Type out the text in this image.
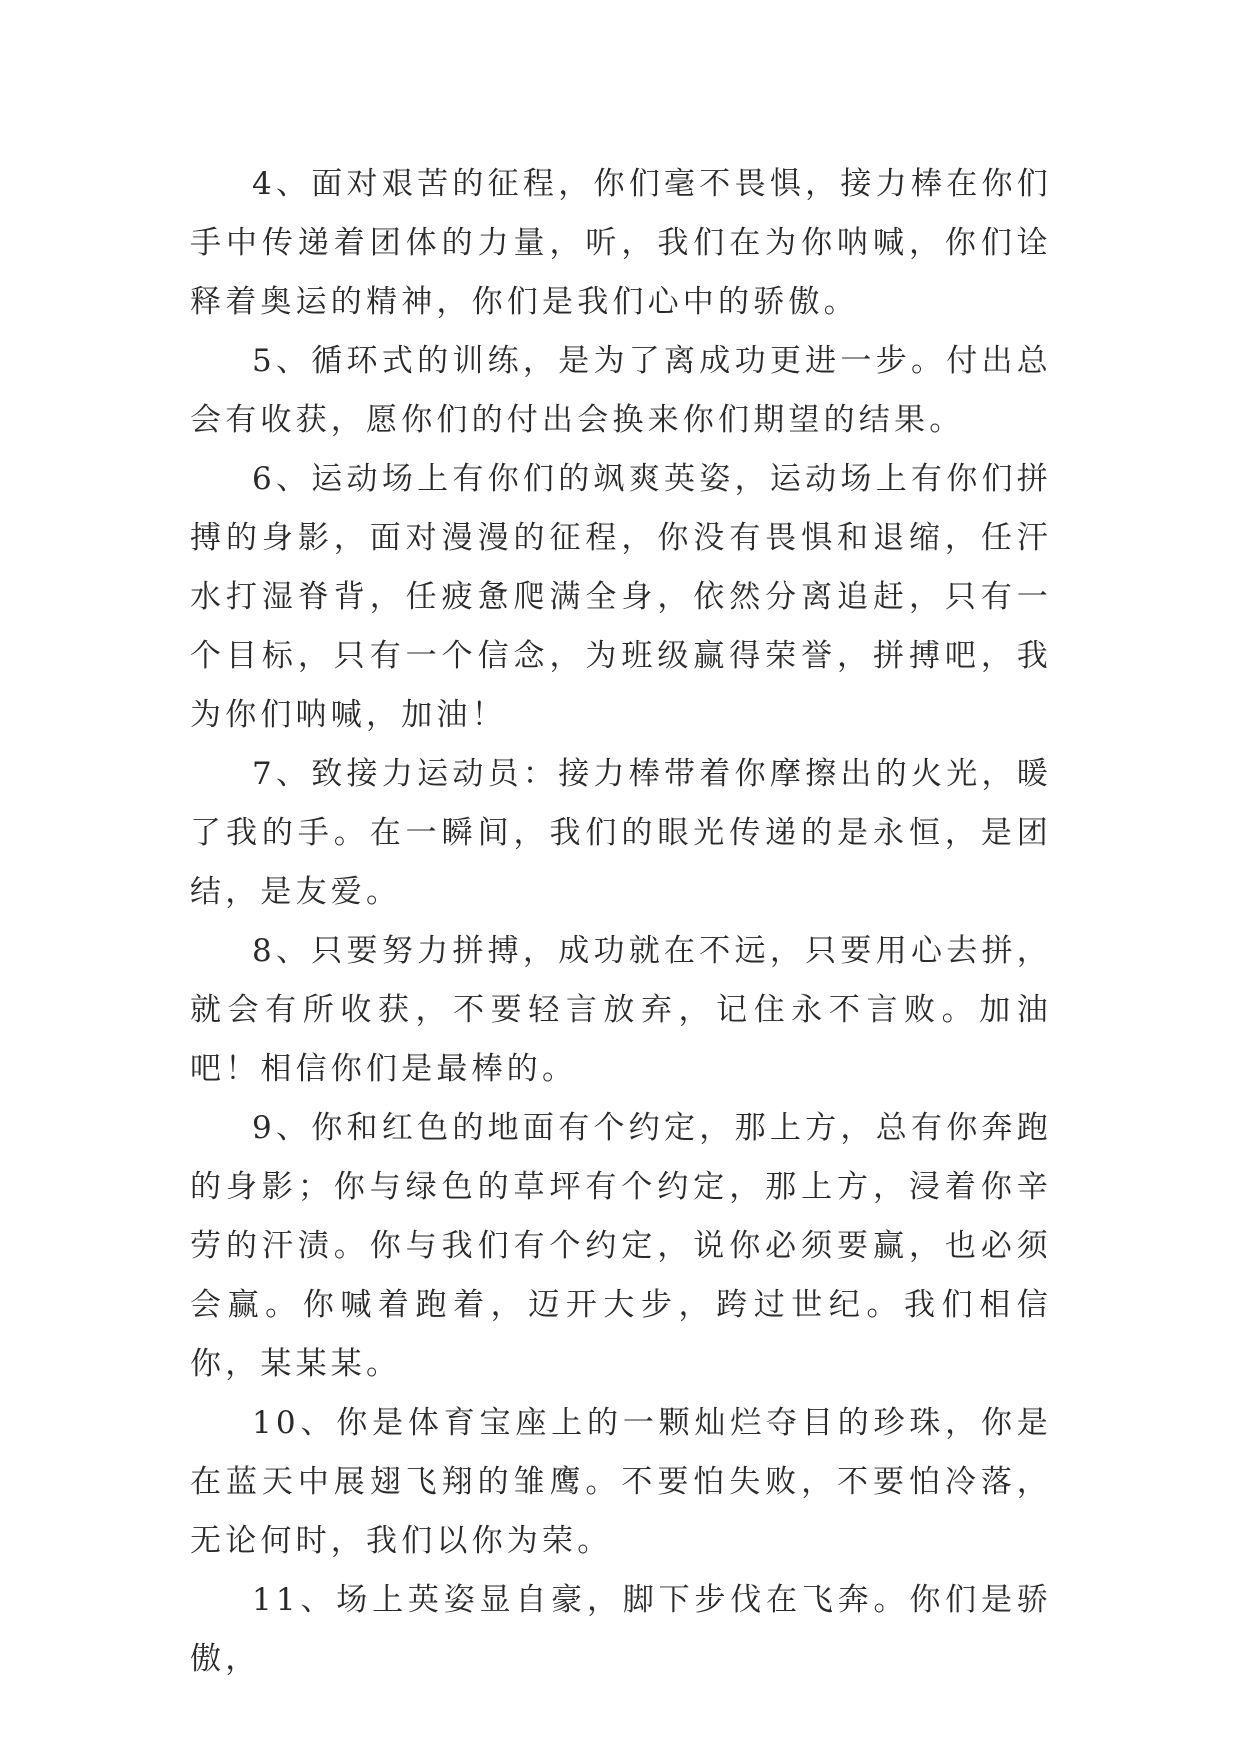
4、面对艰苦的征程，你们毫不畏惧，接力棒在你们手中传递着团体的力量，听，我们在为你呐喊，你们诠释着奥运的精神，你们是我们心中的骄傲。

5、循环式的训练，是为了离成功更进一步。付出总会有收获，愿你们的付出会换来你们期望的结果。

6、运动场上有你们的飒爽英姿，运动场上有你们拼搏的身影，面对漫漫的征程，你没有畏惧和退缩，任汗水打湿脊背，任疲惫爬满全身，依然分离追赶，只有一个目标，只有一个信念，为班级赢得荣誉，拼搏吧，我为你们呐喊，加油！

7、致接力运动员：接力棒带着你摩擦出的火光，暖了我的手。在一瞬间，我们的眼光传递的是永恒，是团结，是友爱。

8、只要努力拼搏，成功就在不远，只要用心去拼，就会有所收获，不要轻言放弃，记住永不言败。加油吧！相信你们是最棒的。

9、你和红色的地面有个约定，那上方，总有你奔跑的身影；你与绿色的草坪有个约定，那上方，浸着你辛劳的汗渍。你与我们有个约定，说你必须要赢，也必须会赢。你喊着跑着，迈开大步，跨过世纪。我们相信你，某某某。

10、你是体育宝座上的一颗灿烂夺目的珍珠，你是在蓝天中展翅飞翔的雏鹰。不要怕失败，不要怕冷落，无论何时，我们以你为荣。

11、场上英姿显自豪，脚下步伐在飞奔。你们是骄傲，
